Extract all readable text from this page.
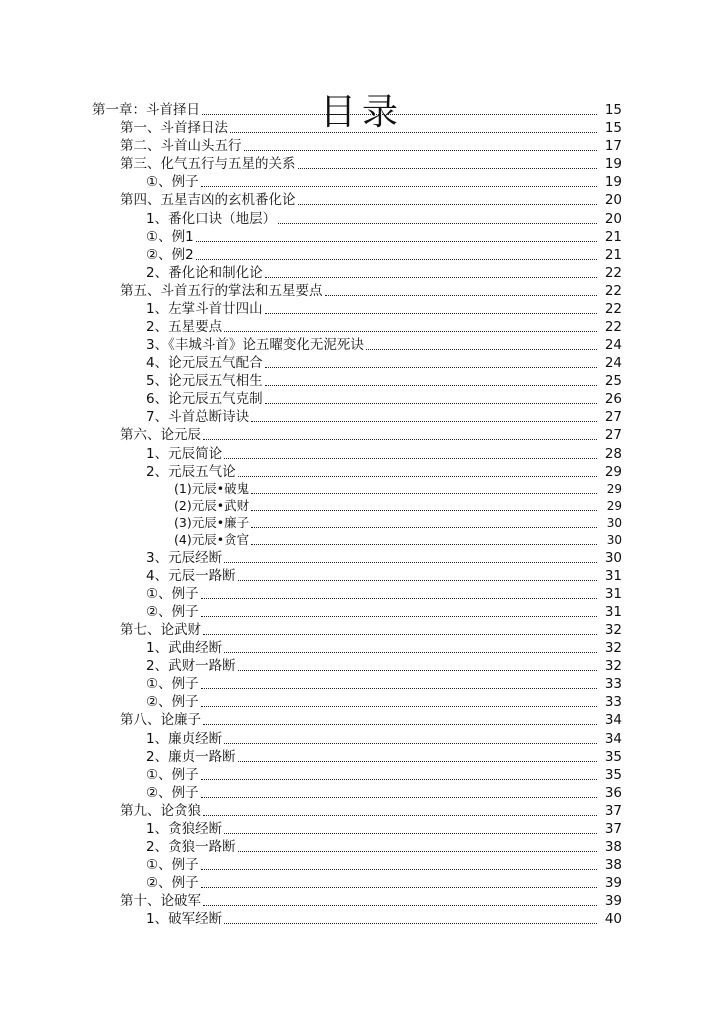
目录
第一章：斗首择日	15
第一、斗首择日法	15
第二、斗首山头五行	17
第三、化气五行与五星的关系	19
①、例子	19
第四、五星吉凶的玄机番化论	20
1、番化口诀（地层）	20
①、例1	21
②、例2	21
2、番化论和制化论	22
第五、斗首五行的掌法和五星要点	22
1、左掌斗首廿四山	22
2、五星要点	22
3、《丰城斗首》论五曜变化无泥死诀	24
4、论元辰五气配合	24
5、论元辰五气相生	25
6、论元辰五气克制	26
7、斗首总断诗诀	27
第六、论元辰	27
1、元辰简论	28
2、元辰五气论	29
(1)元辰•破鬼	29
(2)元辰•武财	29
(3)元辰•廉子	30
(4)元辰•贪官	30
3、元辰经断	30
4、元辰一路断	31
①、例子	31
②、例子	31
第七、论武财	32
1、武曲经断	32
2、武财一路断	32
①、例子	33
②、例子	33
第八、论廉子	34
1、廉贞经断	34
2、廉贞一路断	35
①、例子	35
②、例子	36
第九、论贪狼	37
1、贪狼经断	37
2、贪狼一路断	38
①、例子	38
②、例子	39
第十、论破军	39
1、破军经断	40
